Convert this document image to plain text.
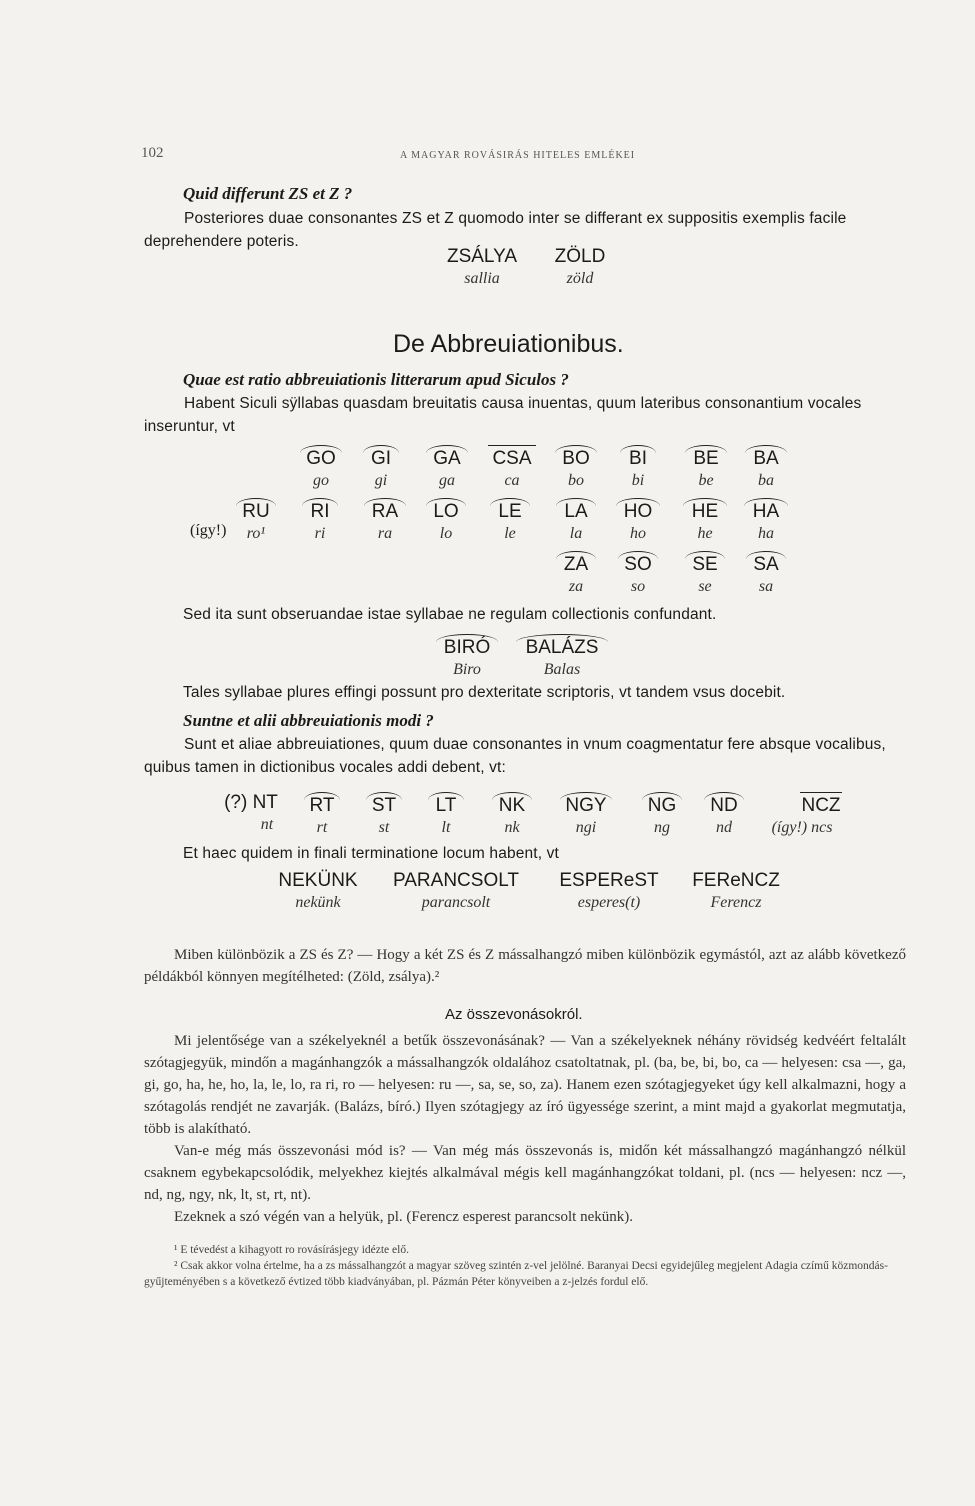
102	A MAGYAR ROVÁSIRÁS HITELES EMLÉKEI
Quid differunt ZS et Z ?
Posteriores duae consonantes ZS et Z quomodo inter se differant ex suppositis exemplis facile deprehendere poteris.
ZSÁLYA
sallia
ZÖLD
zöld
De Abbreuiationibus.
Quae est ratio abbreuiationis litterarum apud Siculos ?
Habent Siculi sÿllabas quasdam breuitatis causa inuentas, quum lateribus consonantium vocales inseruntur, vt
GO
go
GI
gi
GA
ga
CSA
ca
BO
bo
BI
bi
BE
be
BA
ba
(így!)
RU
ro¹
RI
ri
RA
ra
LO
lo
LE
le
LA
la
HO
ho
HE
he
HA
ha
ZA
za
SO
so
SE
se
SA
sa
Sed ita sunt obseruandae istae syllabae ne regulam collectionis confundant.
BIRÓ
Biro
BALÁZS
Balas
Tales syllabae plures effingi possunt pro dexteritate scriptoris, vt tandem vsus docebit.
Suntne et alii abbreuiationis modi ?
Sunt et aliae abbreuiationes, quum duae consonantes in vnum coagmentatur fere absque vocalibus, quibus tamen in dictionibus vocales addi debent, vt:
(?) NT
nt
RT
rt
ST
st
LT
lt
NK
nk
NGY
ngi
NG
ng
ND
nd
NCZ
(így!) ncs
Et haec quidem in finali terminatione locum habent, vt
NEKÜNK
nekünk
PARANCSOLT
parancsolt
ESPEReST
esperes(t)
FEReNCZ
Ferencz
Miben különbözik a ZS és Z? — Hogy a két ZS és Z mássalhangzó miben különbözik egymástól, azt az alább következő példákból könnyen megítélheted: (Zöld, zsálya).²
Az összevonásokról.
Mi jelentősége van a székelyeknél a betűk összevonásának? — Van a székelyeknek néhány rövidség kedvéért feltalált szótagjegyük, mindőn a magánhangzók a mássalhangzók oldalához csatoltatnak, pl. (ba, be, bi, bo, ca — helyesen: csa —, ga, gi, go, ha, he, ho, la, le, lo, ra ri, ro — helyesen: ru —, sa, se, so, za). Hanem ezen szótagjegyeket úgy kell alkalmazni, hogy a szótagolás rendjét ne zavarják. (Balázs, bíró.) Ilyen szótagjegy az író ügyessége szerint, a mint majd a gyakorlat megmutatja, több is alakítható.
Van-e még más összevonási mód is? — Van még más összevonás is, midőn két mássalhangzó magánhangzó nélkül csaknem egybekapcsolódik, melyekhez kiejtés alkalmával mégis kell magánhangzókat toldani, pl. (ncs — helyesen: ncz —, nd, ng, ngy, nk, lt, st, rt, nt).
Ezeknek a szó végén van a helyük, pl. (Ferencz esperest parancsolt nekünk).
¹ E tévedést a kihagyott ro rovásírásjegy idézte elő.
² Csak akkor volna értelme, ha a zs mássalhangzót a magyar szöveg szintén z-vel jelölné. Baranyai Decsi egyidejűleg megjelent Adagia czímű közmondás-gyűjteményében s a következő évtized több kiadványában, pl. Pázmán Péter könyveiben a z-jelzés fordul elő.
